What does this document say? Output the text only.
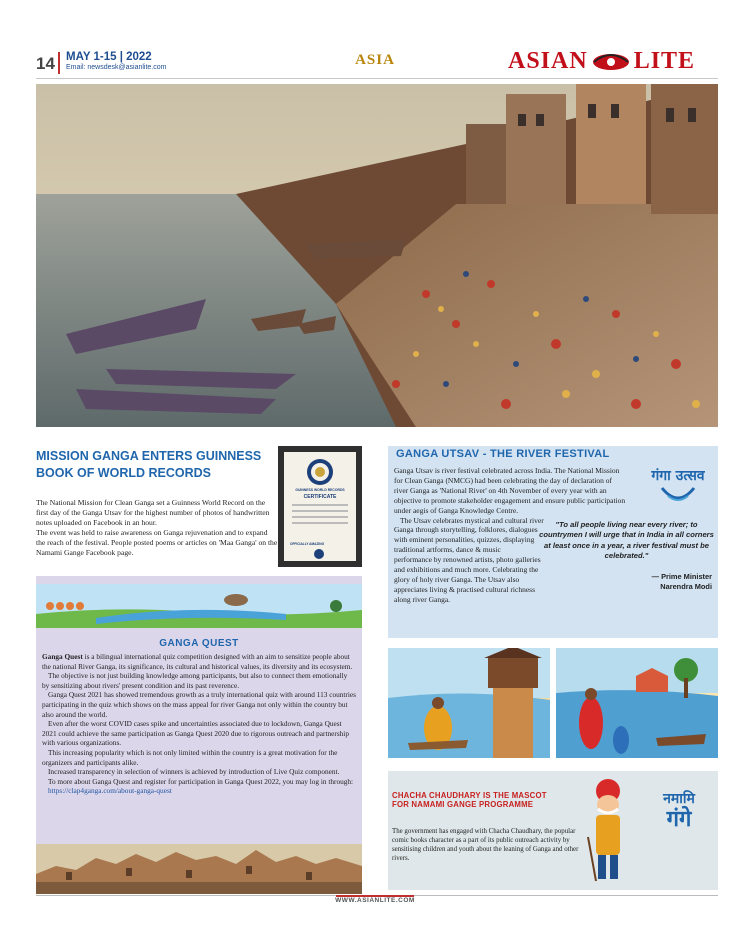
14 MAY 1-15 | 2022
Email: newsdesk@asianlite.com	ASIA	ASIAN LITE
MISSION GANGA ENTERS GUINNESS
BOOK OF WORLD RECORDS

The National Mission for Clean Ganga set a Guinness World Record on the first day of the Ganga Utsav for the highest number of photos of handwritten notes uploaded on Facebook in an hour.

The event was held to raise awareness on Ganga rejuvenation and to expand the reach of the festival. People posted poems or articles on 'Maa Ganga' on the Namami Gange Facebook page.

GUINNESS WORLD RECORDS
CERTIFICATE
OFFICIALLY AMAZING
GANGA QUEST

Ganga Quest is a bilingual international quiz competition designed with an aim to sensitize people about the national River Ganga, its significance, its cultural and historical values, its diversity and its ecosystem.

The objective is not just building knowledge among participants, but also to connect them emotionally by sensitizing about rivers' present condition and its past reverence.

Ganga Quest 2021 has showed tremendous growth as a truly international quiz with around 113 countries participating in the quiz which shows on the mass appeal for river Ganga not only within the country but also around the world.

Even after the worst COVID cases spike and uncertainties associated due to lockdown, Ganga Quest 2021 could achieve the same participation as Ganga Quest 2020 due to rigorous outreach and partnership with various organizations.

This increasing popularity which is not only limited within the country is a great motivation for the organizers and participants alike.

Increased transparency in selection of winners is achieved by introduction of Live Quiz component.

To more about Ganga Quest and register for participation in Ganga Quest 2022, you may log in through:

https://clap4ganga.com/about-ganga-quest

GANGA UTSAV - THE RIVER FESTIVAL

Ganga Utsav is river festival celebrated across India. The National Mission for Clean Ganga (NMCG) had been celebrating the day of declaration of river Ganga as 'National River' on 4th November of every year with an objective to promote stakeholder engagement and ensure public participation under aegis of Ganga Knowledge Centre.

The Utsav celebrates mystical and cultural river Ganga through storytelling, folklores, dialogues with eminent personalities, quizzes, displaying traditional artforms, dance & music

performance by renowned artists, photo galleries and exhibitions and much more. Celebrating the glory of holy river Ganga. The Utsav also appreciates living & practised cultural richness along river Ganga.

गंगा उत्सव
"To all people living near every river; to countrymen I will urge that in India in all corners at least once in a year, a river festival must be celebrated."
— Prime Minister
Narendra Modi
CHACHA CHAUDHARY IS THE MASCOT
FOR NAMAMI GANGE PROGRAMME
The government has engaged with Chacha Chaudhary, the popular comic books character as a part of its public outreach activity by sensitising children and youth about the leaning of Ganga and other rivers.
नमामि
गंगे
WWW.ASIANLITE.COM
